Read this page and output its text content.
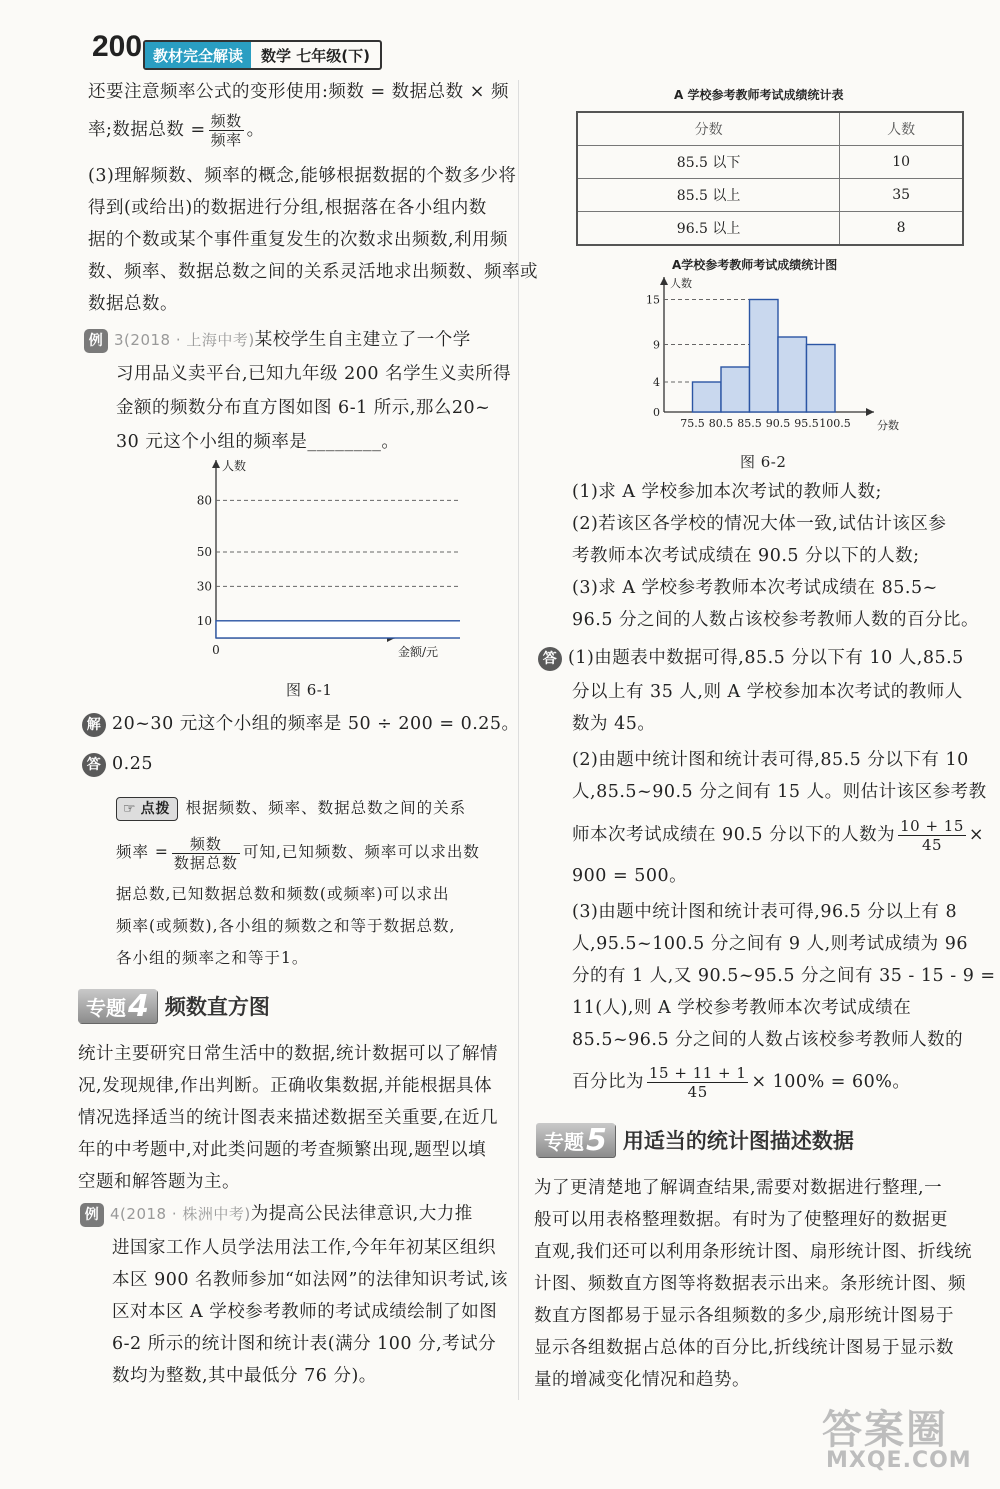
200 教材完全解读	数学 七年级(下)
还要注意频率公式的变形使用:频数 = 数据总数 × 频
率;数据总数 = $\frac{\text{频数}}{\text{频率}}$ 。
(3)理解频数、频率的概念,能够根据数据的个数多少将
得到(或给出)的数据进行分组,根据落在各小组内数
据的个数或某个事件重复发生的次数求出频数,利用频
数、频率、数据总数之间的关系灵活地求出频数、频率或
数据总数。
例 3(2018 · 上海中考)某校学生自主建立了一个学
习用品义卖平台,已知九年级 200 名学生义卖所得
金额的频数分布直方图如图 6-1 所示,那么20~
30 元这个小组的频率是________。
10
30
50
80
0
人数
金额/元
图 6-1
解 20~30 元这个小组的频率是 50 ÷ 200 = 0.25。
答 0.25
☞ 点拨 根据频数、频率、数据总数之间的关系
频率 = $\frac{\text{频数}}{\text{数据总数}}$ 可知,已知频数、频率可以求出数
据总数,已知数据总数和频数(或频率)可以求出
频率(或频数),各小组的频数之和等于数据总数,
各小组的频率之和等于1。
专题 4 频数直方图
统计主要研究日常生活中的数据,统计数据可以了解情
况,发现规律,作出判断。正确收集数据,并能根据具体
情况选择适当的统计图表来描述数据至关重要,在近几
年的中考题中,对此类问题的考查频繁出现,题型以填
空题和解答题为主。
例 4(2018 · 株洲中考)为提高公民法律意识,大力推
进国家工作人员学法用法工作,今年年初某区组织
本区 900 名教师参加“如法网”的法律知识考试,该
区对本区 A 学校参考教师的考试成绩绘制了如图
6-2 所示的统计图和统计表(满分 100 分,考试分
数均为整数,其中最低分 76 分)。
A 学校参考教师考试成绩统计表
分数	人数
85.5 以下	10
85.5 以上	35
96.5 以上	8
A学校参考教师考试成绩统计图
0
4
9
15
75.5 80.5 85.5 90.5 95.5 100.5
人数
分数
图 6-2
(1)求 A 学校参加本次考试的教师人数;
(2)若该区各学校的情况大体一致,试估计该区参
考教师本次考试成绩在 90.5 分以下的人数;
(3)求 A 学校参考教师本次考试成绩在 85.5~
96.5 分之间的人数占该校参考教师人数的百分比。
答 (1)由题表中数据可得,85.5 分以下有 10 人,85.5
分以上有 35 人,则 A 学校参加本次考试的教师人
数为 45。
(2)由题中统计图和统计表可得,85.5 分以下有 10
人,85.5~90.5 分之间有 15 人。则估计该区参考教
师本次考试成绩在 90.5 分以下的人数为 $\frac{10 + 15}{45}$ ×
900 = 500。
(3)由题中统计图和统计表可得,96.5 分以上有 8
人,95.5~100.5 分之间有 9 人,则考试成绩为 96
分的有 1 人,又 90.5~95.5 分之间有 35 - 15 - 9 =
11(人),则 A 学校参考教师本次考试成绩在
85.5~96.5 分之间的人数占该校参考教师人数的
百分比为 $\frac{15 + 11 + 1}{45} \times 100\% = 60\%$。
专题 5 用适当的统计图描述数据
为了更清楚地了解调查结果,需要对数据进行整理,一
般可以用表格整理数据。有时为了使整理好的数据更
直观,我们还可以利用条形统计图、扇形统计图、折线统
计图、频数直方图等将数据表示出来。条形统计图、频
数直方图都易于显示各组频数的多少,扇形统计图易于
显示各组数据占总体的百分比,折线统计图易于显示数
量的增减变化情况和趋势。
答案圈
MXQE.COM
